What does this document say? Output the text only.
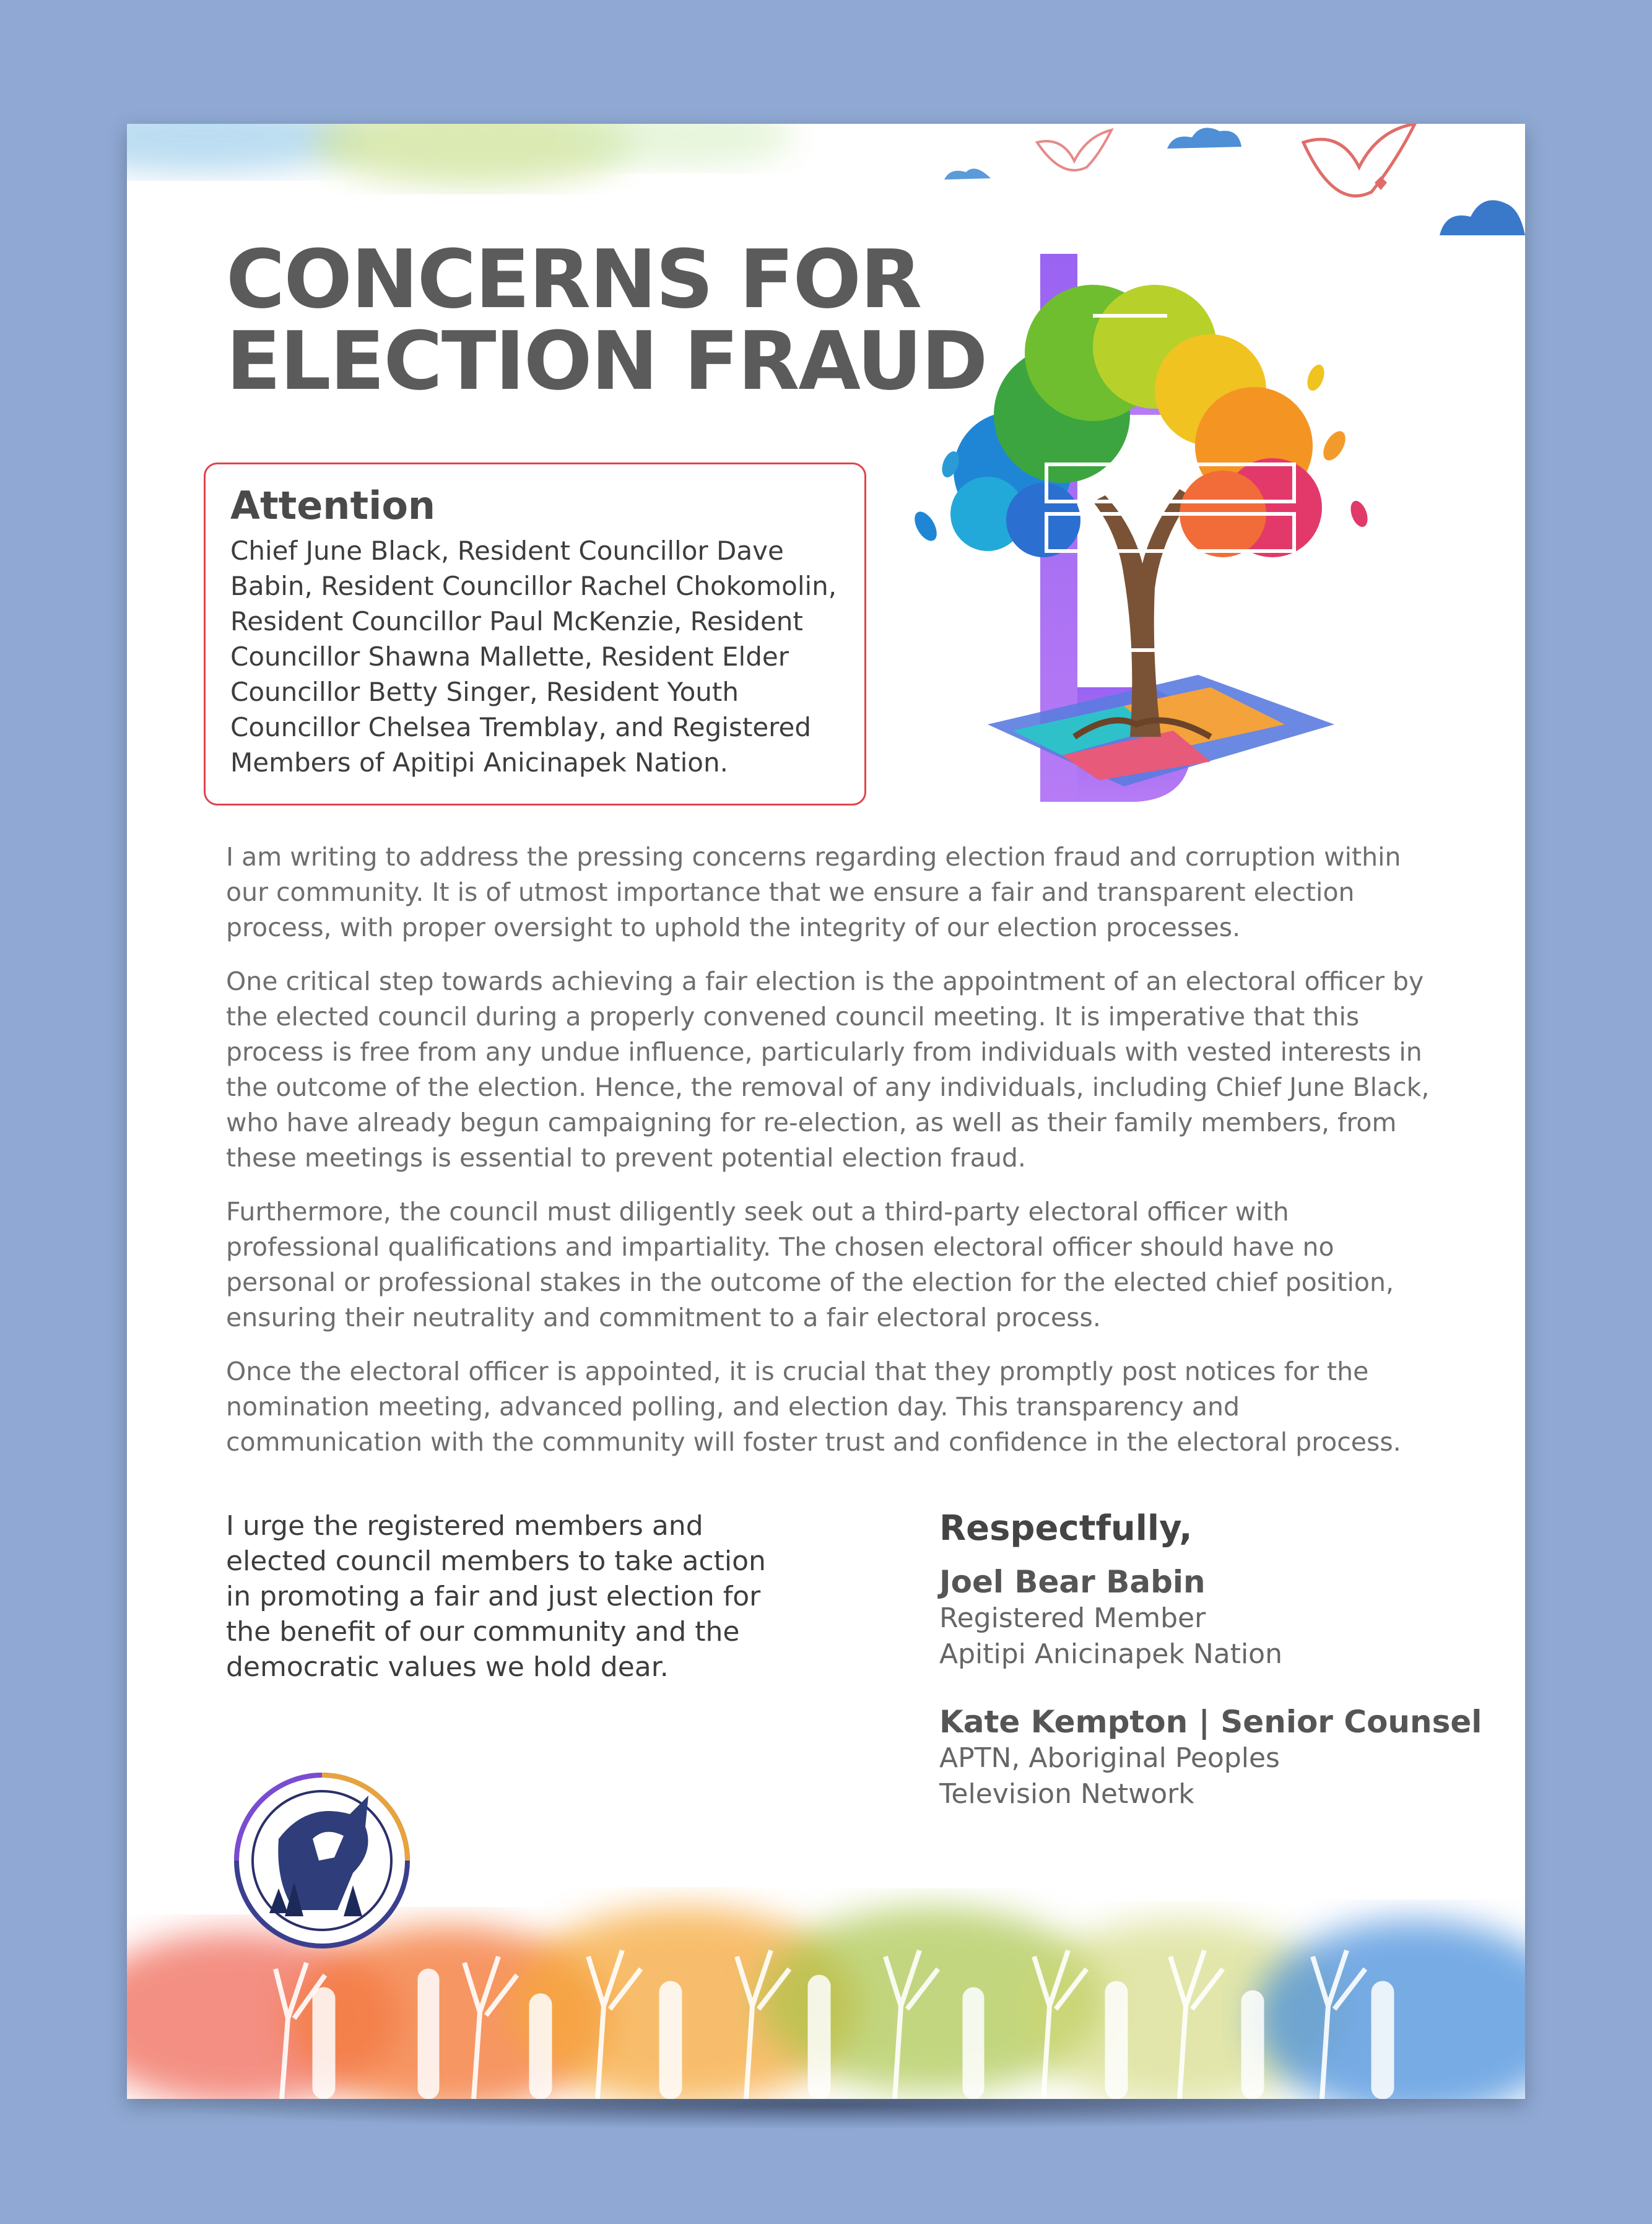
CONCERNS FOR
ELECTION FRAUD
Attention

Chief June Black, Resident Councillor Dave Babin, Resident Councillor Rachel Chokomolin, Resident Councillor Paul McKenzie, Resident Councillor Shawna Mallette, Resident Elder Councillor Betty Singer, Resident Youth Councillor Chelsea Tremblay, and Registered Members of Apitipi Anicinapek Nation.

I am writing to address the pressing concerns regarding election fraud and corruption within our community. It is of utmost importance that we ensure a fair and transparent election process, with proper oversight to uphold the integrity of our election processes.

One critical step towards achieving a fair election is the appointment of an electoral officer by the elected council during a properly convened council meeting. It is imperative that this process is free from any undue influence, particularly from individuals with vested interests in the outcome of the election. Hence, the removal of any individuals, including Chief June Black, who have already begun campaigning for re-election, as well as their family members, from these meetings is essential to prevent potential election fraud.

Furthermore, the council must diligently seek out a third-party electoral officer with professional qualifications and impartiality. The chosen electoral officer should have no personal or professional stakes in the outcome of the election for the elected chief position, ensuring their neutrality and commitment to a fair electoral process.

Once the electoral officer is appointed, it is crucial that they promptly post notices for the nomination meeting, advanced polling, and election day. This transparency and communication with the community will foster trust and confidence in the electoral process.

I urge the registered members and elected council members to take action in promoting a fair and just election for the benefit of our community and the democratic values we hold dear.

Respectfully,

Joel Bear Babin

Registered Member

Apitipi Anicinapek Nation

Kate Kempton | Senior Counsel

APTN, Aboriginal Peoples

Television Network
